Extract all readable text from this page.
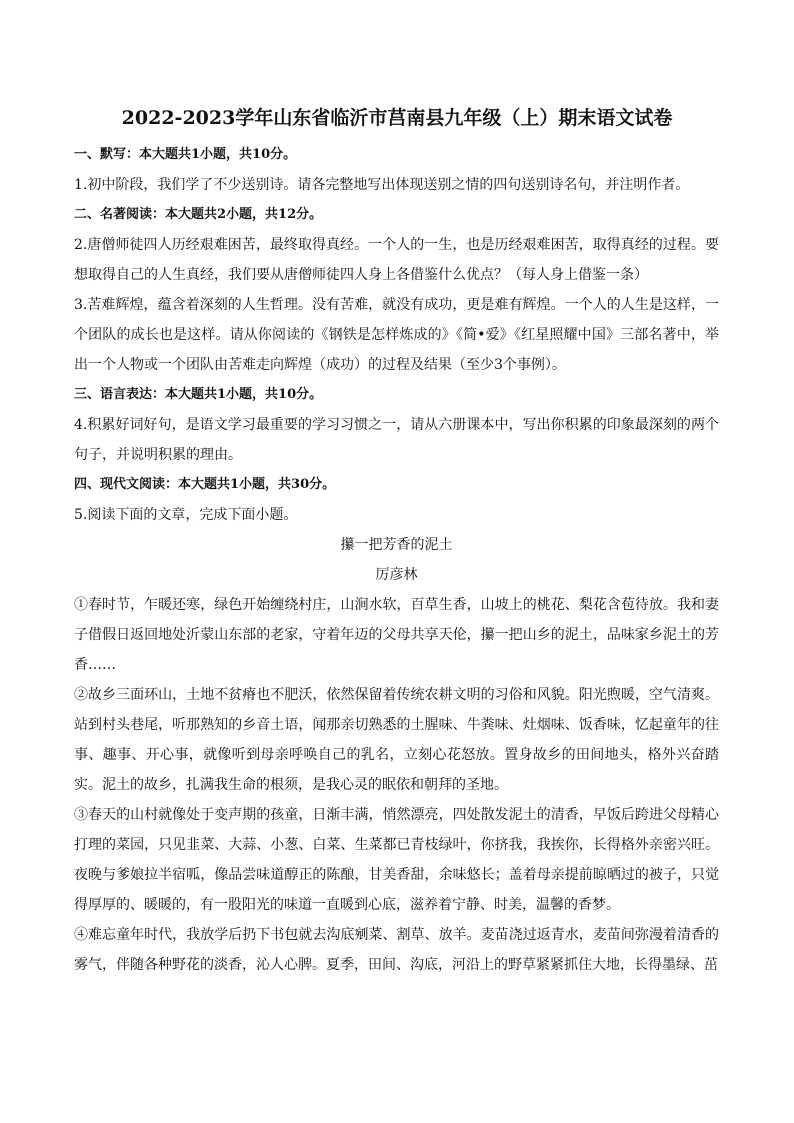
2022-2023学年山东省临沂市莒南县九年级（上）期末语文试卷

一、默写：本大题共1小题，共10分。

1.初中阶段，我们学了不少送别诗。请各完整地写出体现送别之情的四句送别诗名句，并注明作者。

二、名著阅读：本大题共2小题，共12分。

2.唐僧师徒四人历经艰难困苦，最终取得真经。一个人的一生，也是历经艰难困苦，取得真经的过程。要想取得自己的人生真经，我们要从唐僧师徒四人身上各借鉴什么优点？（每人身上借鉴一条）

3.苦难辉煌，蕴含着深刻的人生哲理。没有苦难，就没有成功，更是难有辉煌。一个人的人生是这样，一个团队的成长也是这样。请从你阅读的《钢铁是怎样炼成的》《简•爱》《红星照耀中国》三部名著中，举出一个人物或一个团队由苦难走向辉煌（成功）的过程及结果（至少3个事例）。

三、语言表达：本大题共1小题，共10分。

4.积累好词好句，是语文学习最重要的学习习惯之一，请从六册课本中，写出你积累的印象最深刻的两个句子，并说明积累的理由。

四、现代文阅读：本大题共1小题，共30分。

5.阅读下面的文章，完成下面小题。

攥一把芳香的泥土

厉彦林

①春时节，乍暖还寒，绿色开始缠绕村庄，山涧水软，百草生香，山坡上的桃花、梨花含苞待放。我和妻子借假日返回地处沂蒙山东部的老家，守着年迈的父母共享天伦，攥一把山乡的泥土，品味家乡泥土的芳香……

②故乡三面环山，土地不贫瘠也不肥沃，依然保留着传统农耕文明的习俗和风貌。阳光煦暖，空气清爽。站到村头巷尾，听那熟知的乡音土语，闻那亲切熟悉的土腥味、牛粪味、灶烟味、饭香味，忆起童年的往事、趣事、开心事，就像听到母亲呼唤自己的乳名，立刻心花怒放。置身故乡的田间地头，格外兴奋踏实。泥土的故乡，扎满我生命的根须，是我心灵的眠依和朝拜的圣地。

③春天的山村就像处于变声期的孩童，日渐丰满，悄然漂亮，四处散发泥土的清香，早饭后跨进父母精心打理的菜园，只见韭菜、大蒜、小葱、白菜、生菜都已青枝绿叶，你挤我，我挨你，长得格外亲密兴旺。夜晚与爹娘拉半宿呱，像品尝味道醇正的陈酿，甘美香甜，余味悠长；盖着母亲提前晾晒过的被子，只觉得厚厚的、暖暖的，有一股阳光的味道一直暖到心底，滋养着宁静、时美，温馨的香梦。

④难忘童年时代，我放学后扔下书包就去沟底剜菜、割草、放羊。麦苗浇过返青水，麦苗间弥漫着清香的雾气，伴随各种野花的淡香，沁人心脾。夏季，田间、沟底，河沿上的野草紧紧抓住大地，长得墨绿、茁
